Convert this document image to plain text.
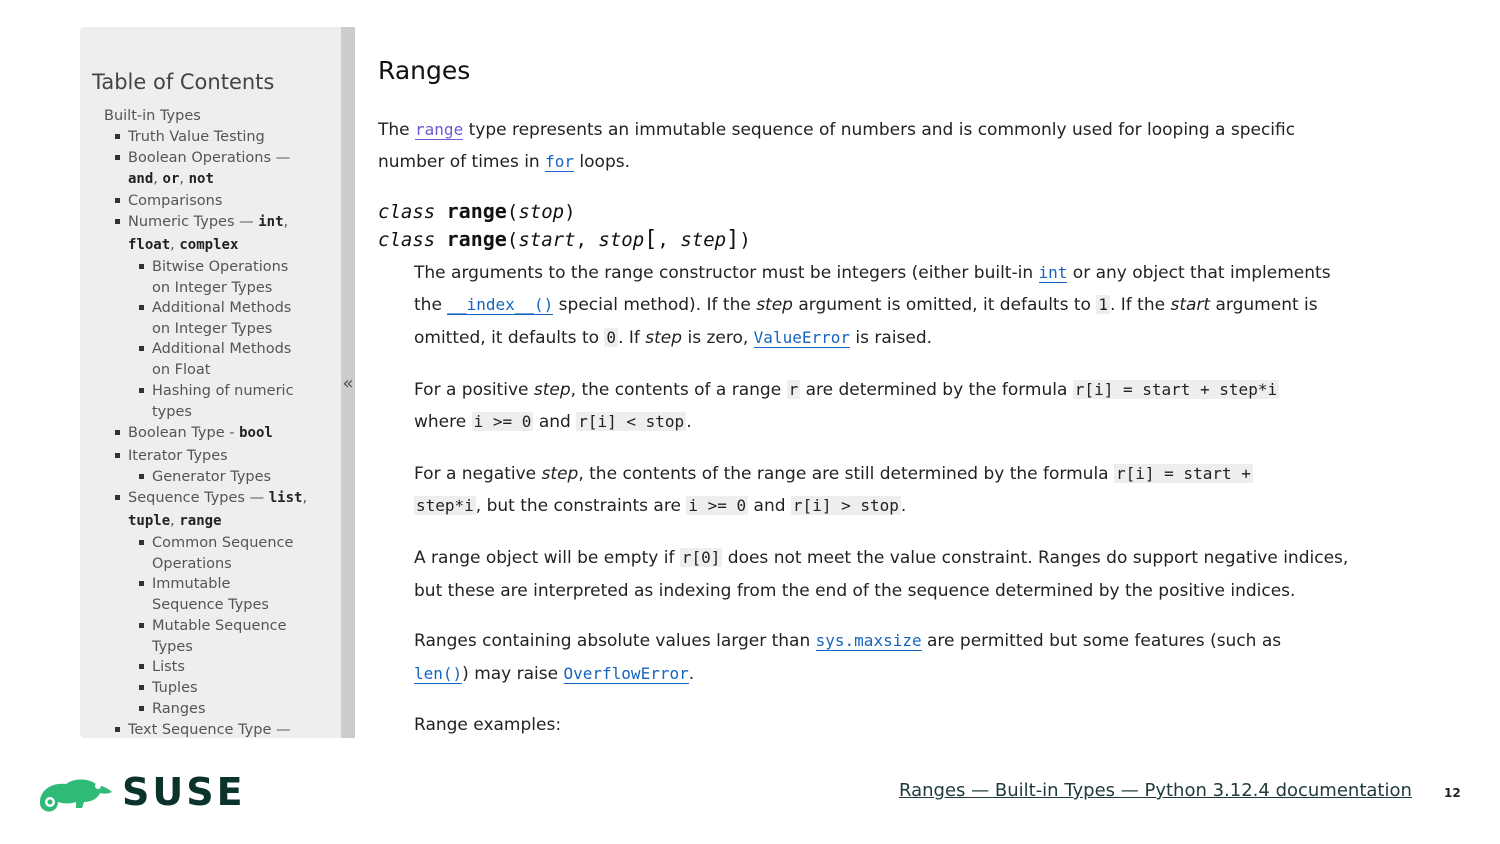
Table of Contents
Built-in Types
Truth Value Testing
Boolean Operations —
and, or, not
Comparisons
Numeric Types — int,
float, complex
Bitwise Operations
on Integer Types
Additional Methods
on Integer Types
Additional Methods
on Float
Hashing of numeric
types
Boolean Type - bool
Iterator Types
Generator Types
Sequence Types — list,
tuple, range
Common Sequence
Operations
Immutable
Sequence Types
Mutable Sequence
Types
Lists
Tuples
Ranges
Text Sequence Type —
«
Ranges

The range type represents an immutable sequence of numbers and is commonly used for looping a specific

number of times in for loops.

class range(stop)
class range(start, stop[, step])

The arguments to the range constructor must be integers (either built-in int or any object that implements

the __index__() special method). If the step argument is omitted, it defaults to 1 . If the start argument is

omitted, it defaults to 0 . If step is zero, ValueError is raised.

For a positive step, the contents of a range r are determined by the formula r[i] = start + step*i

where i >= 0 and r[i] < stop .

For a negative step, the contents of the range are still determined by the formula r[i] = start +

step*i , but the constraints are i >= 0 and r[i] > stop .

A range object will be empty if r[0] does not meet the value constraint. Ranges do support negative indices,

but these are interpreted as indexing from the end of the sequence determined by the positive indices.

Ranges containing absolute values larger than sys.maxsize are permitted but some features (such as

len()) may raise OverflowError.

Range examples:

SUSE	Ranges — Built-in Types — Python 3.12.4 documentation	12
